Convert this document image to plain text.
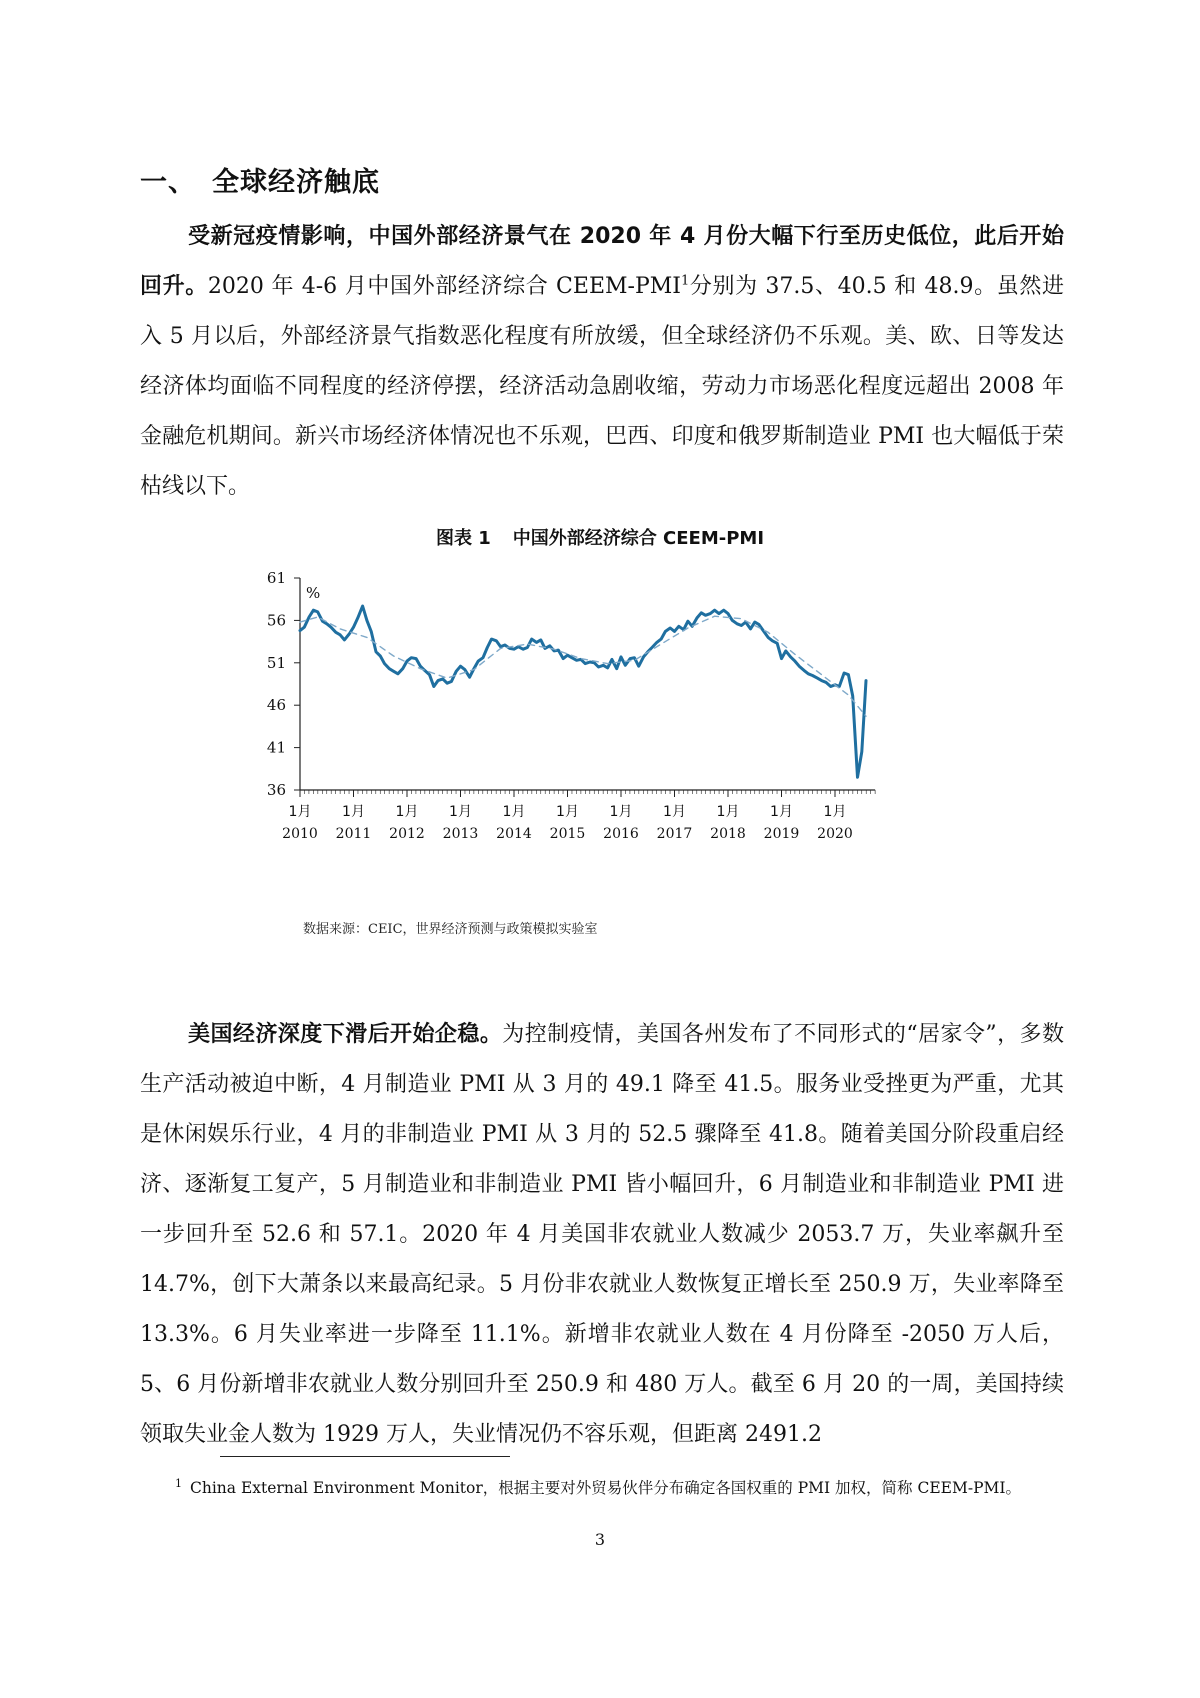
一、 全球经济触底

受新冠疫情影响，中国外部经济景气在 2020 年 4 月份大幅下行至历史低位，此后开始回升。2020 年 4-6 月中国外部经济综合 CEEM-PMI$^1$分别为 37.5、40.5 和 48.9。虽然进入 5 月以后，外部经济景气指数恶化程度有所放缓，但全球经济仍不乐观。美、欧、日等发达经济体均面临不同程度的经济停摆，经济活动急剧收缩，劳动力市场恶化程度远超出 2008 年金融危机期间。新兴市场经济体情况也不乐观，巴西、印度和俄罗斯制造业 PMI 也大幅低于荣枯线以下。

图表 1 中国外部经济综合 CEEM-PMI
61
56
51
46
41
36
%
1月
2010
1月
2011
1月
2012
1月
2013
1月
2014
1月
2015
1月
2016
1月
2017
1月
2018
1月
2019
1月
2020
数据来源：CEIC，世界经济预测与政策模拟实验室

美国经济深度下滑后开始企稳。为控制疫情，美国各州发布了不同形式的“居家令”，多数生产活动被迫中断，4 月制造业 PMI 从 3 月的 49.1 降至 41.5。服务业受挫更为严重，尤其是休闲娱乐行业，4 月的非制造业 PMI 从 3 月的 52.5 骤降至 41.8。随着美国分阶段重启经济、逐渐复工复产，5 月制造业和非制造业 PMI 皆小幅回升，6 月制造业和非制造业 PMI 进一步回升至 52.6 和 57.1。2020 年 4 月美国非农就业人数减少 2053.7 万，失业率飙升至 14.7%，创下大萧条以来最高纪录。5 月份非农就业人数恢复正增长至 250.9 万，失业率降至 13.3%。6 月失业率进一步降至 11.1%。新增非农就业人数在 4 月份降至 -2050 万人后，5、6 月份新增非农就业人数分别回升至 250.9 和 480 万人。截至 6 月 20 的一周，美国持续领取失业金人数为 1929 万人，失业情况仍不容乐观，但距离 2491.2

$^1$ China External Environment Monitor，根据主要对外贸易伙伴分布确定各国权重的 PMI 加权，简称 CEEM-PMI。
3
